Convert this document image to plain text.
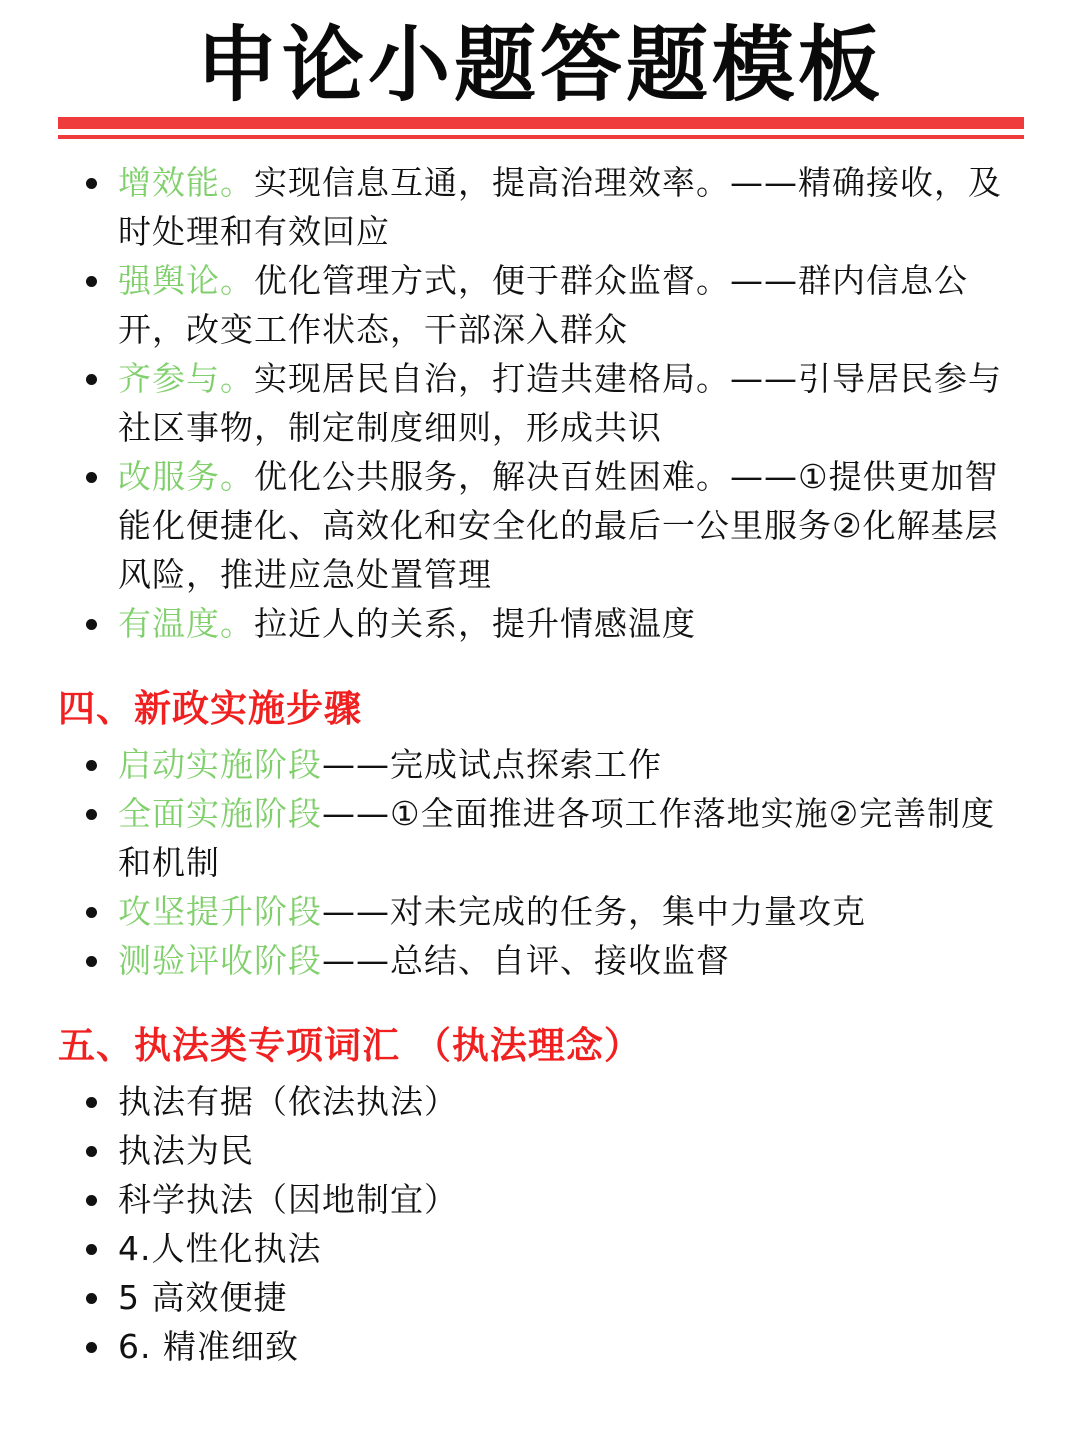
申论小题答题模板
增效能。实现信息互通，提高治理效率。——精确接收，及时处理和有效回应
强舆论。优化管理方式，便于群众监督。——群内信息公开，改变工作状态，干部深入群众
齐参与。实现居民自治，打造共建格局。——引导居民参与社区事物，制定制度细则，形成共识
改服务。优化公共服务，解决百姓困难。——①提供更加智能化便捷化、高效化和安全化的最后一公里服务②化解基层风险，推进应急处置管理
有温度。拉近人的关系，提升情感温度
四、新政实施步骤
启动实施阶段——完成试点探索工作
全面实施阶段——①全面推进各项工作落地实施②完善制度和机制
攻坚提升阶段——对未完成的任务，集中力量攻克
测验评收阶段——总结、自评、接收监督
五、执法类专项词汇 （执法理念）
执法有据（依法执法）
执法为民
科学执法（因地制宜）
4.人性化执法
5 高效便捷
6. 精准细致
